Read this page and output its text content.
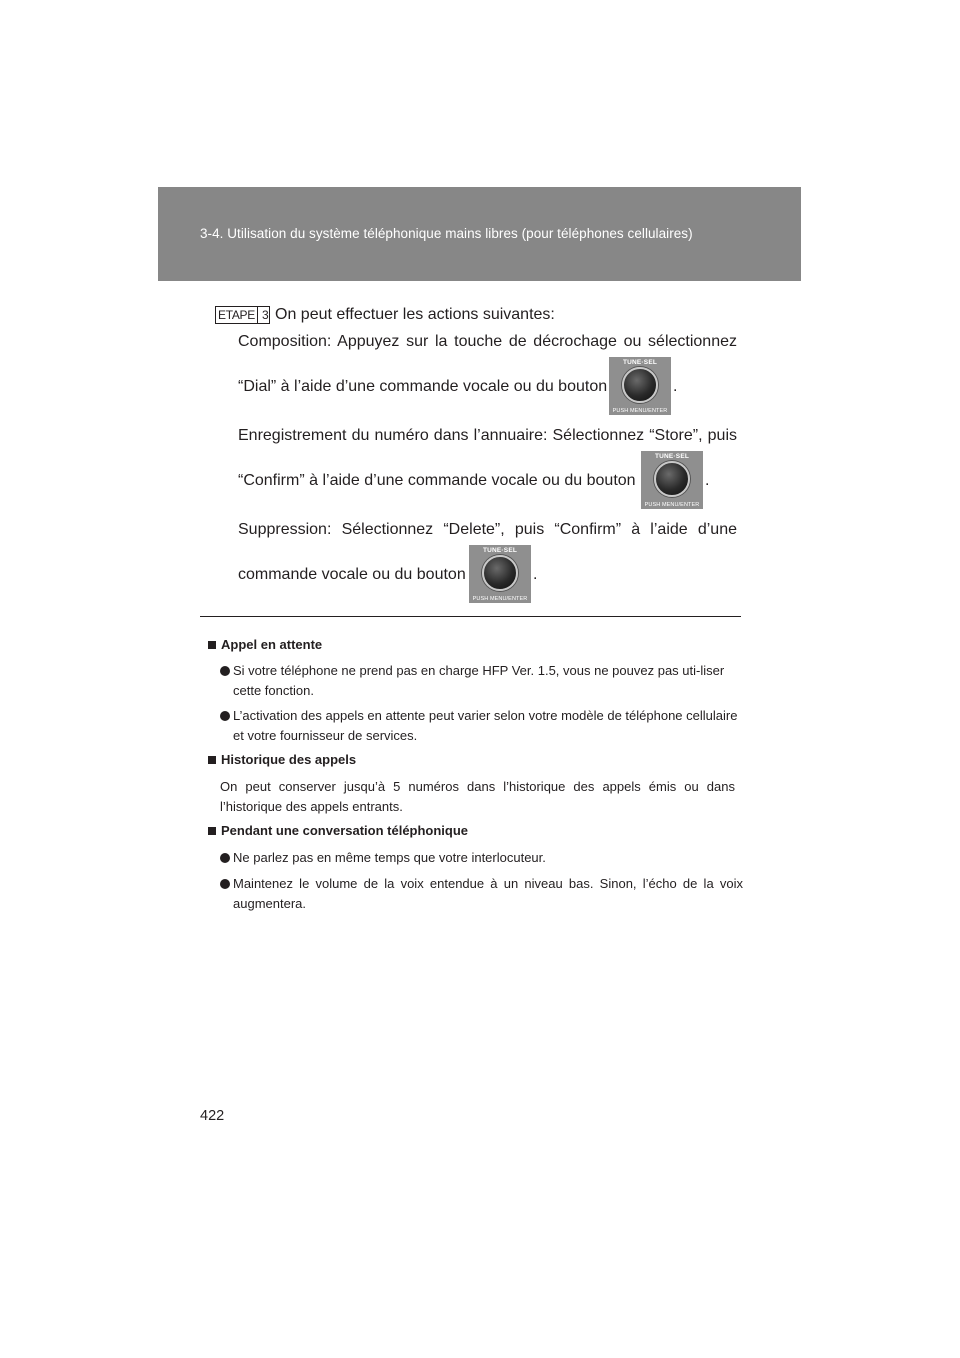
3-4. Utilisation du système téléphonique mains libres (pour téléphones cellulaires)
ETAPE 3 On peut effectuer les actions suivantes:
Composition: Appuyez sur la touche de décrochage ou sélectionnez
“Dial” à l’aide d’une commande vocale ou du bouton
TUNE·SEL
PUSH MENU/ENTER
.
Enregistrement du numéro dans l’annuaire: Sélectionnez “Store”, puis
“Confirm” à l’aide d’une commande vocale ou du bouton
TUNE·SEL
PUSH MENU/ENTER
.
Suppression: Sélectionnez “Delete”, puis “Confirm” à l’aide d’une
commande vocale ou du bouton
TUNE·SEL
PUSH MENU/ENTER
.
Appel en attente
Si votre téléphone ne prend pas en charge HFP Ver. 1.5, vous ne pouvez pas uti-liser cette fonction.
L’activation des appels en attente peut varier selon votre modèle de téléphone cellulaire et votre fournisseur de services.
Historique des appels
On peut conserver jusqu’à 5 numéros dans l’historique des appels émis ou dans l’historique des appels entrants.
Pendant une conversation téléphonique
Ne parlez pas en même temps que votre interlocuteur.
Maintenez le volume de la voix entendue à un niveau bas. Sinon, l’écho de la voix augmentera.
422
